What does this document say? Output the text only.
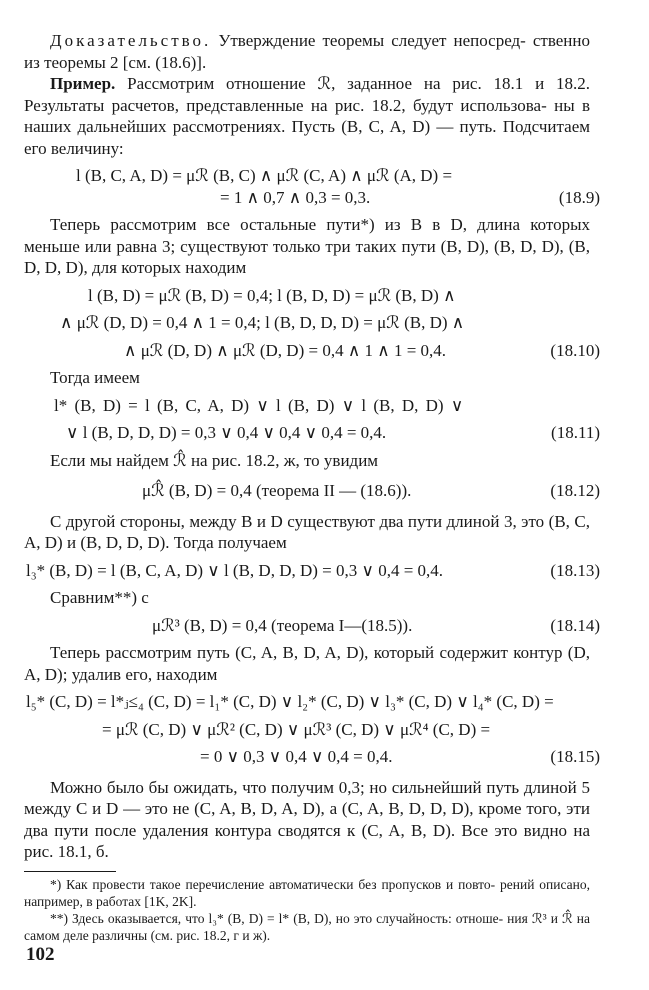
Доказательство. Утверждение теоремы следует непосред- ственно из теоремы 2 [см. (18.6)].

Пример. Рассмотрим отношение ℛ, заданное на рис. 18.1 и 18.2. Результаты расчетов, представленные на рис. 18.2, будут использова- ны в наших дальнейших рассмотрениях. Пусть (B, C, A, D) — путь. Подсчитаем его величину:

l (B, C, A, D) = μℛ (B, C) ∧ μℛ (C, A) ∧ μℛ (A, D) =
= 1 ∧ 0,7 ∧ 0,3 = 0,3.	(18.9)

Теперь рассмотрим все остальные пути*) из B в D, длина которых меньше или равна 3; существуют только три таких пути (B, D), (B, D, D), (B, D, D, D), для которых находим

l (B, D) = μℛ (B, D) = 0,4; l (B, D, D) = μℛ (B, D) ∧
∧ μℛ (D, D) = 0,4 ∧ 1 = 0,4; l (B, D, D, D) = μℛ (B, D) ∧
∧ μℛ (D, D) ∧ μℛ (D, D) = 0,4 ∧ 1 ∧ 1 = 0,4.	(18.10)

Тогда имеем

l* (B, D) = l (B, C, A, D) ∨ l (B, D) ∨ l (B, D, D) ∨
∨ l (B, D, D, D) = 0,3 ∨ 0,4 ∨ 0,4 ∨ 0,4 = 0,4.	(18.11)

Если мы найдем ℛ̂ на рис. 18.2, ж, то увидим

μℛ̂ (B, D) = 0,4 (теорема II — (18.6)).	(18.12)

С другой стороны, между B и D существуют два пути длиной 3, это (B, C, A, D) и (B, D, D, D). Тогда получаем

l₃* (B, D) = l (B, C, A, D) ∨ l (B, D, D, D) = 0,3 ∨ 0,4 = 0,4.	(18.13)

Сравним**) с

μℛ³ (B, D) = 0,4 (теорема I—(18.5)).	(18.14)

Теперь рассмотрим путь (C, A, B, D, A, D), который содержит контур (D, A, D); удалив его, находим

l₅* (C, D) = l*ⱼ≤₄ (C, D) = l₁* (C, D) ∨ l₂* (C, D) ∨ l₃* (C, D) ∨ l₄* (C, D) =
= μℛ (C, D) ∨ μℛ² (C, D) ∨ μℛ³ (C, D) ∨ μℛ⁴ (C, D) =
= 0 ∨ 0,3 ∨ 0,4 ∨ 0,4 = 0,4.	(18.15)

Можно было бы ожидать, что получим 0,3; но сильнейший путь длиной 5 между C и D — это не (C, A, B, D, A, D), а (C, A, B, D, D, D), кроме того, эти два пути после удаления контура сводятся к (C, A, B, D). Все это видно на рис. 18.1, б.

*) Как провести такое перечисление автоматически без пропусков и повто- рений описано, например, в работах [1K, 2K].

**) Здесь оказывается, что l₃* (B, D) = l* (B, D), но это случайность: отноше- ния ℛ³ и ℛ̂ на самом деле различны (см. рис. 18.2, г и ж).

102
